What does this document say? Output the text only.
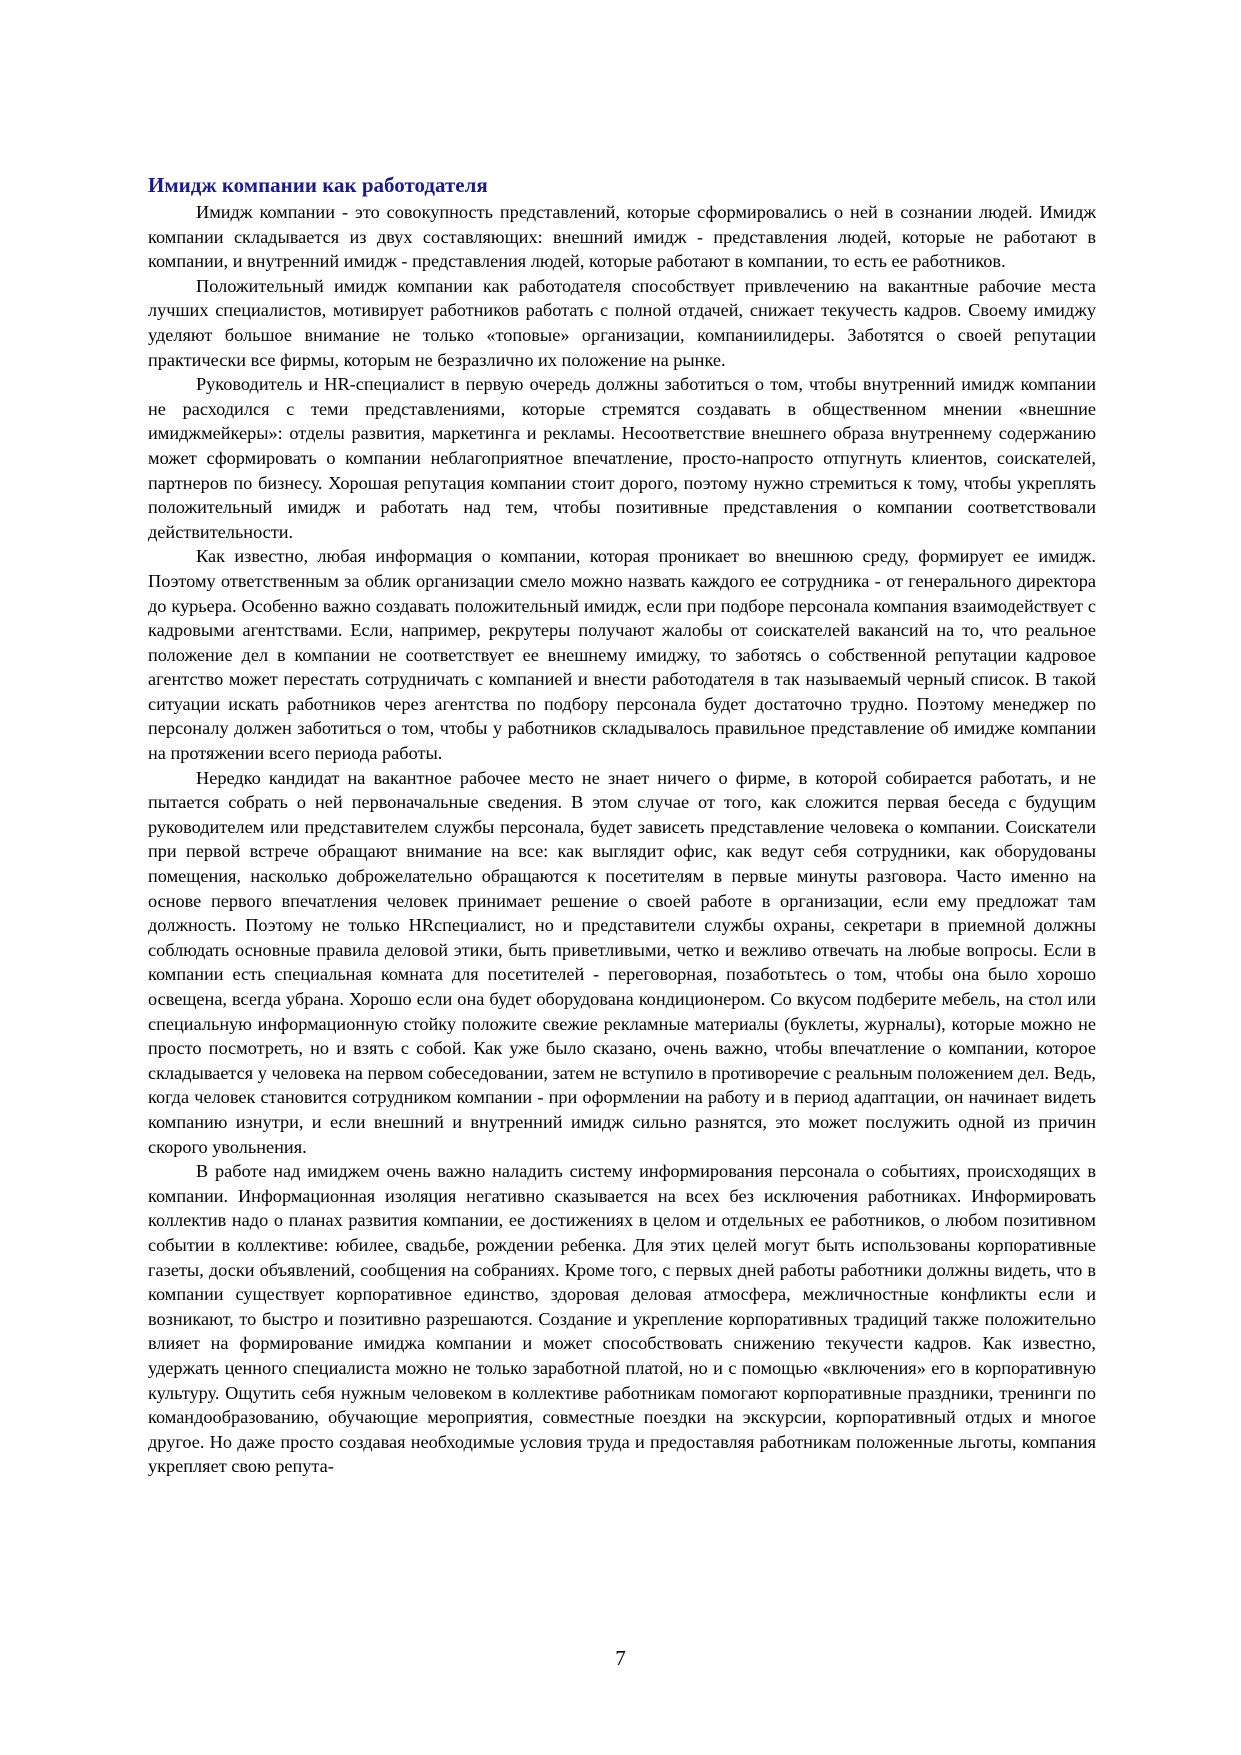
Имидж компании как работодателя

Имидж компании - это совокупность представлений, которые сформировались о ней в сознании людей. Имидж компании складывается из двух составляющих: внешний имидж - представления людей, которые не работают в компании, и внутренний имидж - представления людей, которые работают в компании, то есть ее работников.

Положительный имидж компании как работодателя способствует привлечению на вакантные рабочие места лучших специалистов, мотивирует работников работать с полной отдачей, снижает текучесть кадров. Своему имиджу уделяют большое внимание не только «топовые» организации, компаниилидеры. Заботятся о своей репутации практически все фирмы, которым не безразлично их положение на рынке.

Руководитель и HR-специалист в первую очередь должны заботиться о том, чтобы внутренний имидж компании не расходился с теми представлениями, которые стремятся создавать в общественном мнении «внешние имиджмейкеры»: отделы развития, маркетинга и рекламы. Несоответствие внешнего образа внутреннему содержанию может сформировать о компании неблагоприятное впечатление, просто-напросто отпугнуть клиентов, соискателей, партнеров по бизнесу. Хорошая репутация компании стоит дорого, поэтому нужно стремиться к тому, чтобы укреплять положительный имидж и работать над тем, чтобы позитивные представления о компании соответствовали действительности.

Как известно, любая информация о компании, которая проникает во внешнюю среду, формирует ее имидж. Поэтому ответственным за облик организации смело можно назвать каждого ее сотрудника - от генерального директора до курьера. Особенно важно создавать положительный имидж, если при подборе персонала компания взаимодействует с кадровыми агентствами. Если, например, рекрутеры получают жалобы от соискателей вакансий на то, что реальное положение дел в компании не соответствует ее внешнему имиджу, то заботясь о собственной репутации кадровое агентство может перестать сотрудничать с компанией и внести работодателя в так называемый черный список. В такой ситуации искать работников через агентства по подбору персонала будет достаточно трудно. Поэтому менеджер по персоналу должен заботиться о том, чтобы у работников складывалось правильное представление об имидже компании на протяжении всего периода работы.

Нередко кандидат на вакантное рабочее место не знает ничего о фирме, в которой собирается работать, и не пытается собрать о ней первоначальные сведения. В этом случае от того, как сложится первая беседа с будущим руководителем или представителем службы персонала, будет зависеть представление человека о компании. Соискатели при первой встрече обращают внимание на все: как выглядит офис, как ведут себя сотрудники, как оборудованы помещения, насколько доброжелательно обращаются к посетителям в первые минуты разговора. Часто именно на основе первого впечатления человек принимает решение о своей работе в организации, если ему предложат там должность. Поэтому не только HRспециалист, но и представители службы охраны, секретари в приемной должны соблюдать основные правила деловой этики, быть приветливыми, четко и вежливо отвечать на любые вопросы. Если в компании есть специальная комната для посетителей - переговорная, позаботьтесь о том, чтобы она было хорошо освещена, всегда убрана. Хорошо если она будет оборудована кондиционером. Со вкусом подберите мебель, на стол или специальную информационную стойку положите свежие рекламные материалы (буклеты, журналы), которые можно не просто посмотреть, но и взять с собой. Как уже было сказано, очень важно, чтобы впечатление о компании, которое складывается у человека на первом собеседовании, затем не вступило в противоречие с реальным положением дел. Ведь, когда человек становится сотрудником компании - при оформлении на работу и в период адаптации, он начинает видеть компанию изнутри, и если внешний и внутренний имидж сильно разнятся, это может послужить одной из причин скорого увольнения.

В работе над имиджем очень важно наладить систему информирования персонала о событиях, происходящих в компании. Информационная изоляция негативно сказывается на всех без исключения работниках. Информировать коллектив надо о планах развития компании, ее достижениях в целом и отдельных ее работников, о любом позитивном событии в коллективе: юбилее, свадьбе, рождении ребенка. Для этих целей могут быть использованы корпоративные газеты, доски объявлений, сообщения на собраниях. Кроме того, с первых дней работы работники должны видеть, что в компании существует корпоративное единство, здоровая деловая атмосфера, межличностные конфликты если и возникают, то быстро и позитивно разрешаются. Создание и укрепление корпоративных традиций также положительно влияет на формирование имиджа компании и может способствовать снижению текучести кадров. Как известно, удержать ценного специалиста можно не только заработной платой, но и с помощью «включения» его в корпоративную культуру. Ощутить себя нужным человеком в коллективе работникам помогают корпоративные праздники, тренинги по командообразованию, обучающие мероприятия, совместные поездки на экскурсии, корпоративный отдых и многое другое. Но даже просто создавая необходимые условия труда и предоставляя работникам положенные льготы, компания укрепляет свою репута-

7
